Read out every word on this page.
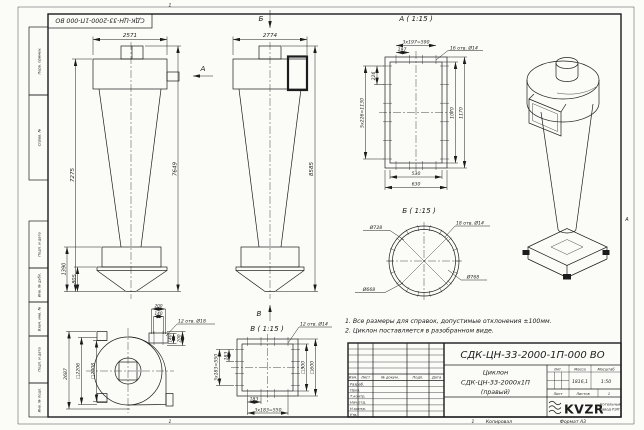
1
1
А
Перв. примен.
Справ. №
Подп. и дата
Инв. № дубл.
Взам. инв. №
Подп. и дата
Инв. № подл.
СДК-ЦН-33-2000-1П-000 ВО
2571
7649
7275
1390
805
А
Б
2774
8585
В
А ( 1:15 )
3x197=590
197	16 отв. Ø14
226
5x226=1130	1070 1170
530
630
Б ( 1:15 )
Ø728
18 отв. Ø14
Ø668
Ø768
В ( 1:15 )	12 отв. Ø14
183
3x183=550	□500 □600
183
3x183=550
200
140
12 отв. Ø18
140 200
2687 □2206 □2008
1. Все размеры для справок, допустимые отклонения ±100мм.
2. Циклон поставляется в разобранном виде.
Изм. Лист	№ докум.	Подп. Дата
Разраб.
Пров.
Т.контр.
Нач.отд.
Н.контр.
Утв.
СДК-ЦН-33-2000-1П-000 ВО
Лит.	Масса	Масштаб
1816,1	1:50
Лист	Листов	1
Циклон
СДК-ЦН-33-2000х1П
(правый)
KVZR
Котельный
завод РЭП
1 Копировал	Формат А3
